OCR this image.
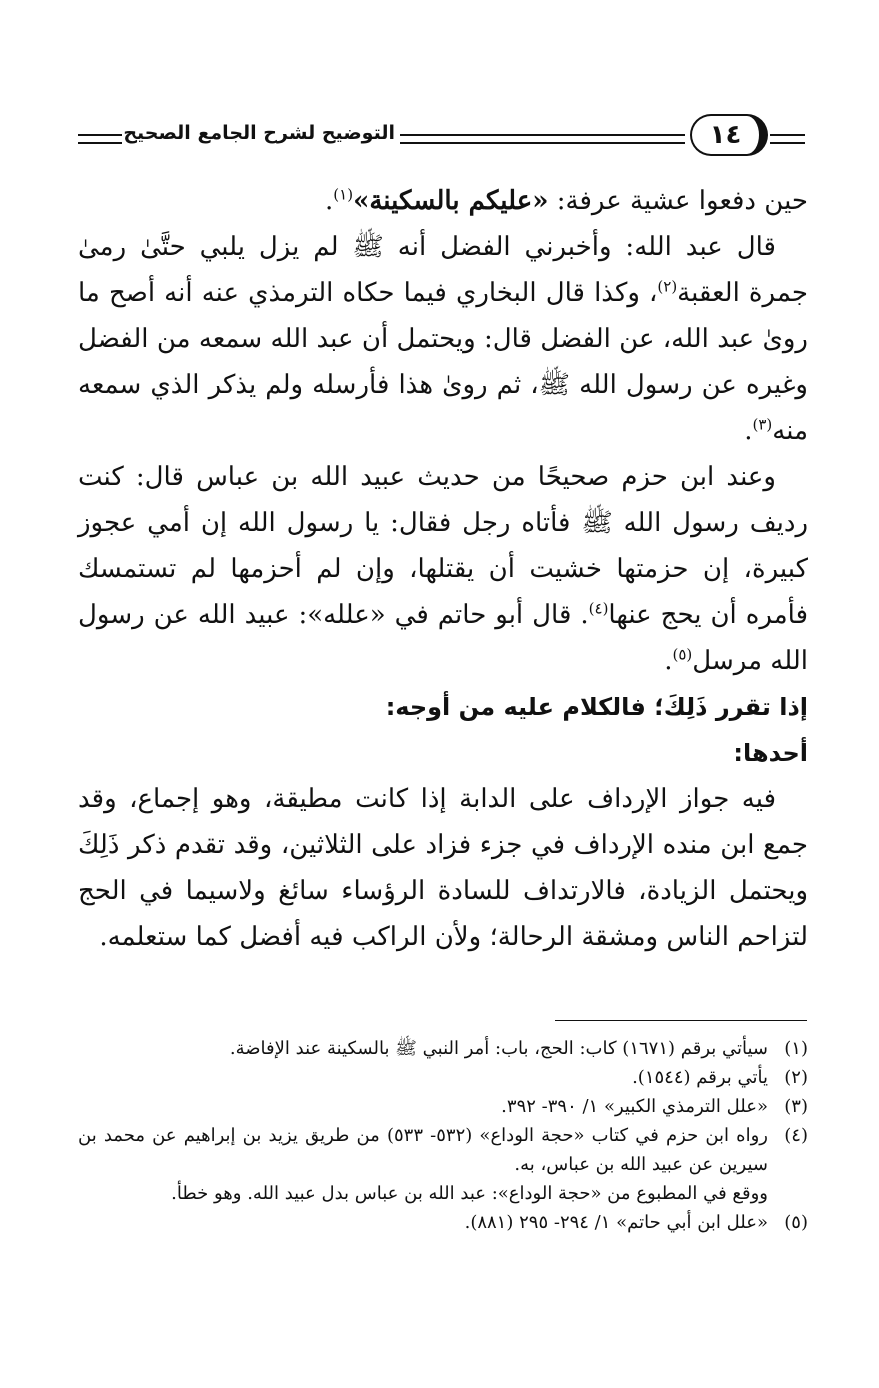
التوضيح لشرح الجامع الصحيح	١٤

حين دفعوا عشية عرفة: «عليكم بالسكينة»$^{(١)}$.

قال عبد الله: وأخبرني الفضل أنه ﷺ لم يزل يلبي حتَّىٰ رمىٰ جمرة العقبة$^{(٢)}$، وكذا قال البخاري فيما حكاه الترمذي عنه أنه أصح ما روىٰ عبد الله، عن الفضل قال: ويحتمل أن عبد الله سمعه من الفضل وغيره عن رسول الله ﷺ، ثم روىٰ هذا فأرسله ولم يذكر الذي سمعه منه$^{(٣)}$.

وعند ابن حزم صحيحًا من حديث عبيد الله بن عباس قال: كنت رديف رسول الله ﷺ فأتاه رجل فقال: يا رسول الله إن أمي عجوز كبيرة، إن حزمتها خشيت أن يقتلها، وإن لم أحزمها لم تستمسك فأمره أن يحج عنها$^{(٤)}$. قال أبو حاتم في «علله»: عبيد الله عن رسول الله مرسل$^{(٥)}$.

إذا تقرر ذَلِكَ؛ فالكلام عليه من أوجه:

أحدها:

فيه جواز الإرداف على الدابة إذا كانت مطيقة، وهو إجماع، وقد جمع ابن منده الإرداف في جزء فزاد على الثلاثين، وقد تقدم ذكر ذَلِكَ ويحتمل الزيادة، فالارتداف للسادة الرؤساء سائغ ولاسيما في الحج لتزاحم الناس ومشقة الرحالة؛ ولأن الراكب فيه أفضل كما ستعلمه.

(١)
سيأتي برقم (١٦٧١) كاب: الحج، باب: أمر النبي ﷺ بالسكينة عند الإفاضة.
(٢)
يأتي برقم (١٥٤٤).
(٣)
«علل الترمذي الكبير» ١/ ٣٩٠- ٣٩٢.
(٤)
رواه ابن حزم في كتاب «حجة الوداع» (٥٣٢- ٥٣٣) من طريق يزيد بن إبراهيم عن محمد بن سيرين عن عبيد الله بن عباس، به.
ووقع في المطبوع من «حجة الوداع»: عبد الله بن عباس بدل عبيد الله. وهو خطأ.
(٥)
«علل ابن أبي حاتم» ١/ ٢٩٤- ٢٩٥ (٨٨١).
